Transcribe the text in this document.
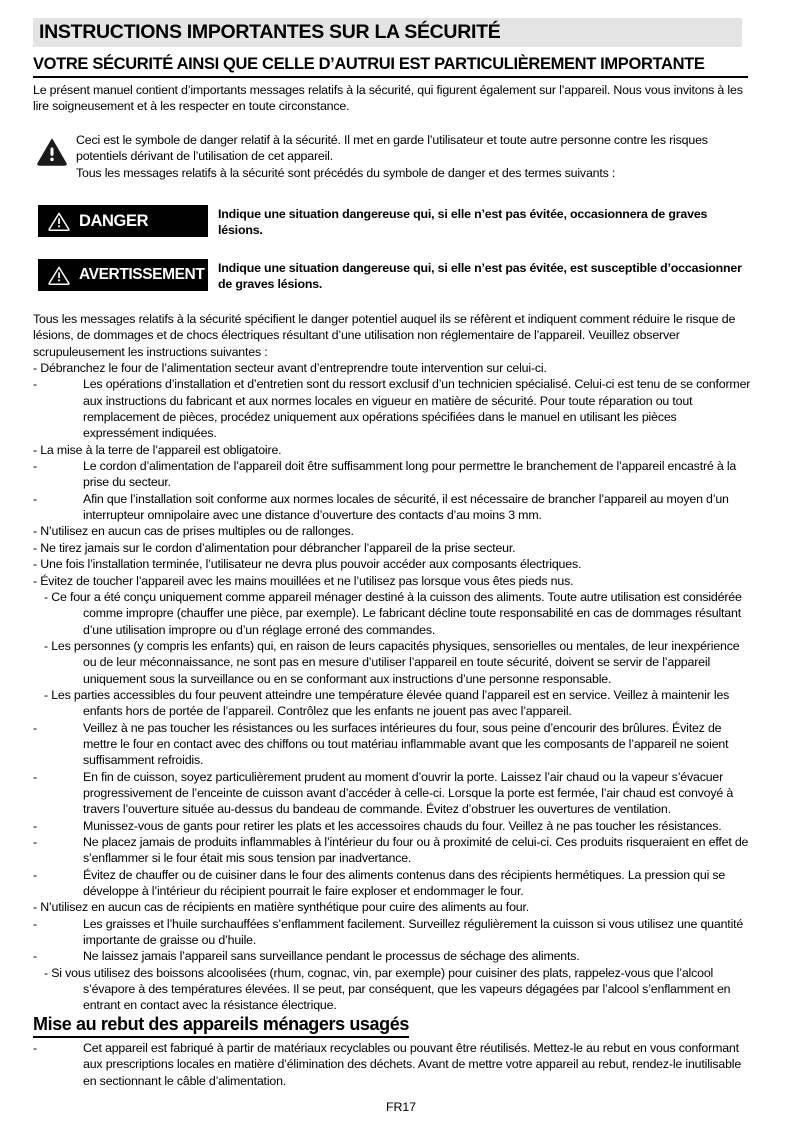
INSTRUCTIONS IMPORTANTES SUR LA SÉCURITÉ
VOTRE SÉCURITÉ AINSI QUE CELLE D’AUTRUI EST PARTICULIÈREMENT IMPORTANTE
Le présent manuel contient d’importants messages relatifs à la sécurité, qui figurent également sur l’appareil. Nous vous invitons à les lire soigneusement et à les respecter en toute circonstance.
Ceci est le symbole de danger relatif à la sécurité. Il met en garde l’utilisateur et toute autre personne contre les risques potentiels dérivant de l’utilisation de cet appareil.
Tous les messages relatifs à la sécurité sont précédés du symbole de danger et des termes suivants :
DANGER	Indique une situation dangereuse qui, si elle n’est pas évitée, occasionnera de graves lésions.
AVERTISSEMENT Indique une situation dangereuse qui, si elle n’est pas évitée, est susceptible d’occasionner de graves lésions.

Tous les messages relatifs à la sécurité spécifient le danger potentiel auquel ils se réfèrent et indiquent comment réduire le risque de lésions, de dommages et de chocs électriques résultant d’une utilisation non réglementaire de l’appareil. Veuillez observer scrupuleusement les instructions suivantes :

- Débranchez le four de l’alimentation secteur avant d’entreprendre toute intervention sur celui-ci.

-	Les opérations d’installation et d’entretien sont du ressort exclusif d’un technicien spécialisé. Celui-ci est tenu de se conformer aux instructions du fabricant et aux normes locales en vigueur en matière de sécurité. Pour toute réparation ou tout remplacement de pièces, procédez uniquement aux opérations spécifiées dans le manuel en utilisant les pièces expressément indiquées.

- La mise à la terre de l’appareil est obligatoire.

-	Le cordon d’alimentation de l’appareil doit être suffisamment long pour permettre le branchement de l’appareil encastré à la prise du secteur.

-	Afin que l’installation soit conforme aux normes locales de sécurité, il est nécessaire de brancher l’appareil au moyen d’un interrupteur omnipolaire avec une distance d’ouverture des contacts d’au moins 3 mm.

- N’utilisez en aucun cas de prises multiples ou de rallonges.

- Ne tirez jamais sur le cordon d’alimentation pour débrancher l’appareil de la prise secteur.

- Une fois l’installation terminée, l’utilisateur ne devra plus pouvoir accéder aux composants électriques.

- Évitez de toucher l’appareil avec les mains mouillées et ne l’utilisez pas lorsque vous êtes pieds nus.

- Ce four a été conçu uniquement comme appareil ménager destiné à la cuisson des aliments. Toute autre utilisation est considérée comme impropre (chauffer une pièce, par exemple). Le fabricant décline toute responsabilité en cas de dommages résultant d’une utilisation impropre ou d’un réglage erroné des commandes.

- Les personnes (y compris les enfants) qui, en raison de leurs capacités physiques, sensorielles ou mentales, de leur inexpérience ou de leur méconnaissance, ne sont pas en mesure d’utiliser l’appareil en toute sécurité, doivent se servir de l’appareil uniquement sous la surveillance ou en se conformant aux instructions d’une personne responsable.

- Les parties accessibles du four peuvent atteindre une température élevée quand l’appareil est en service. Veillez à maintenir les enfants hors de portée de l’appareil. Contrôlez que les enfants ne jouent pas avec l’appareil.

-	Veillez à ne pas toucher les résistances ou les surfaces intérieures du four, sous peine d’encourir des brûlures. Évitez de mettre le four en contact avec des chiffons ou tout matériau inflammable avant que les composants de l’appareil ne soient suffisamment refroidis.

-	En fin de cuisson, soyez particulièrement prudent au moment d’ouvrir la porte. Laissez l’air chaud ou la vapeur s’évacuer progressivement de l’enceinte de cuisson avant d’accéder à celle-ci. Lorsque la porte est fermée, l’air chaud est convoyé à travers l’ouverture située au-dessus du bandeau de commande. Évitez d’obstruer les ouvertures de ventilation.

-	Munissez-vous de gants pour retirer les plats et les accessoires chauds du four. Veillez à ne pas toucher les résistances.

-	Ne placez jamais de produits inflammables à l’intérieur du four ou à proximité de celui-ci. Ces produits risqueraient en effet de s’enflammer si le four était mis sous tension par inadvertance.

-	Évitez de chauffer ou de cuisiner dans le four des aliments contenus dans des récipients hermétiques. La pression qui se développe à l’intérieur du récipient pourrait le faire exploser et endommager le four.

- N’utilisez en aucun cas de récipients en matière synthétique pour cuire des aliments au four.

-	Les graisses et l’huile surchauffées s’enflamment facilement. Surveillez régulièrement la cuisson si vous utilisez une quantité importante de graisse ou d’huile.

-	Ne laissez jamais l’appareil sans surveillance pendant le processus de séchage des aliments.

- Si vous utilisez des boissons alcoolisées (rhum, cognac, vin, par exemple) pour cuisiner des plats, rappelez-vous que l’alcool s’évapore à des températures élevées. Il se peut, par conséquent, que les vapeurs dégagées par l’alcool s’enflamment en entrant en contact avec la résistance électrique.

Mise au rebut des appareils ménagers usagés

-	Cet appareil est fabriqué à partir de matériaux recyclables ou pouvant être réutilisés. Mettez-le au rebut en vous conformant aux prescriptions locales en matière d’élimination des déchets. Avant de mettre votre appareil au rebut, rendez-le inutilisable en sectionnant le câble d’alimentation.

FR17
